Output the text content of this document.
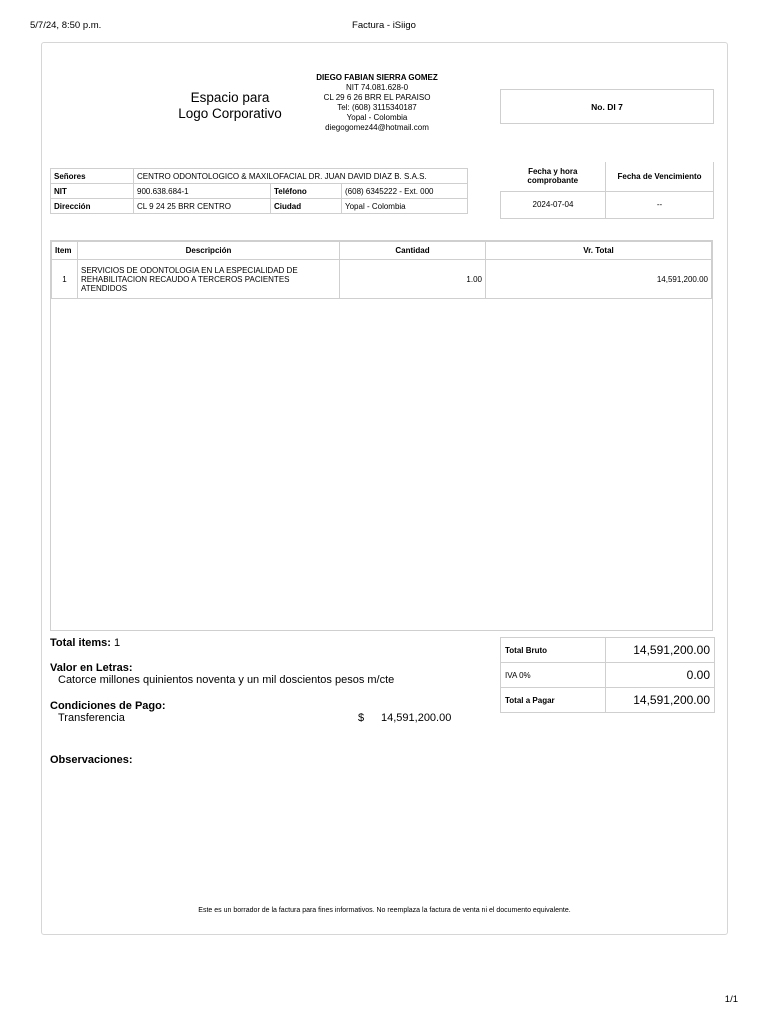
5/7/24, 8:50 p.m.	Factura - iSiigo
Espacio para
Logo Corporativo
DIEGO FABIAN SIERRA GOMEZ
NIT 74.081.628-0
CL 29 6 26 BRR EL PARAISO
Tel: (608) 3115340187
Yopal - Colombia
diegogomez44@hotmail.com
No. DI 7
Señores	CENTRO ODONTOLOGICO & MAXILOFACIAL DR. JUAN DAVID DIAZ B. S.A.S.		
NIT	900.638.684-1	Teléfono	(608) 6345222 - Ext. 000
Dirección	CL 9 24 25 BRR CENTRO	Ciudad	Yopal - Colombia
Fecha y hora comprobante	Fecha de Vencimiento
2024-07-04	--
Item	Descripción	Cantidad	Vr. Total
1	SERVICIOS DE ODONTOLOGIA EN LA ESPECIALIDAD DE REHABILITACION RECAUDO A TERCEROS PACIENTES ATENDIDOS	1.00	14,591,200.00
Total items: 1
Valor en Letras:
Catorce millones quinientos noventa y un mil doscientos pesos m/cte
Condiciones de Pago:
Transferencia	$ 14,591,200.00
Observaciones:
Total Bruto	14,591,200.00
IVA 0%	0.00
Total a Pagar	14,591,200.00
Este es un borrador de la factura para fines informativos. No reemplaza la factura de venta ni el documento equivalente.
1/1
